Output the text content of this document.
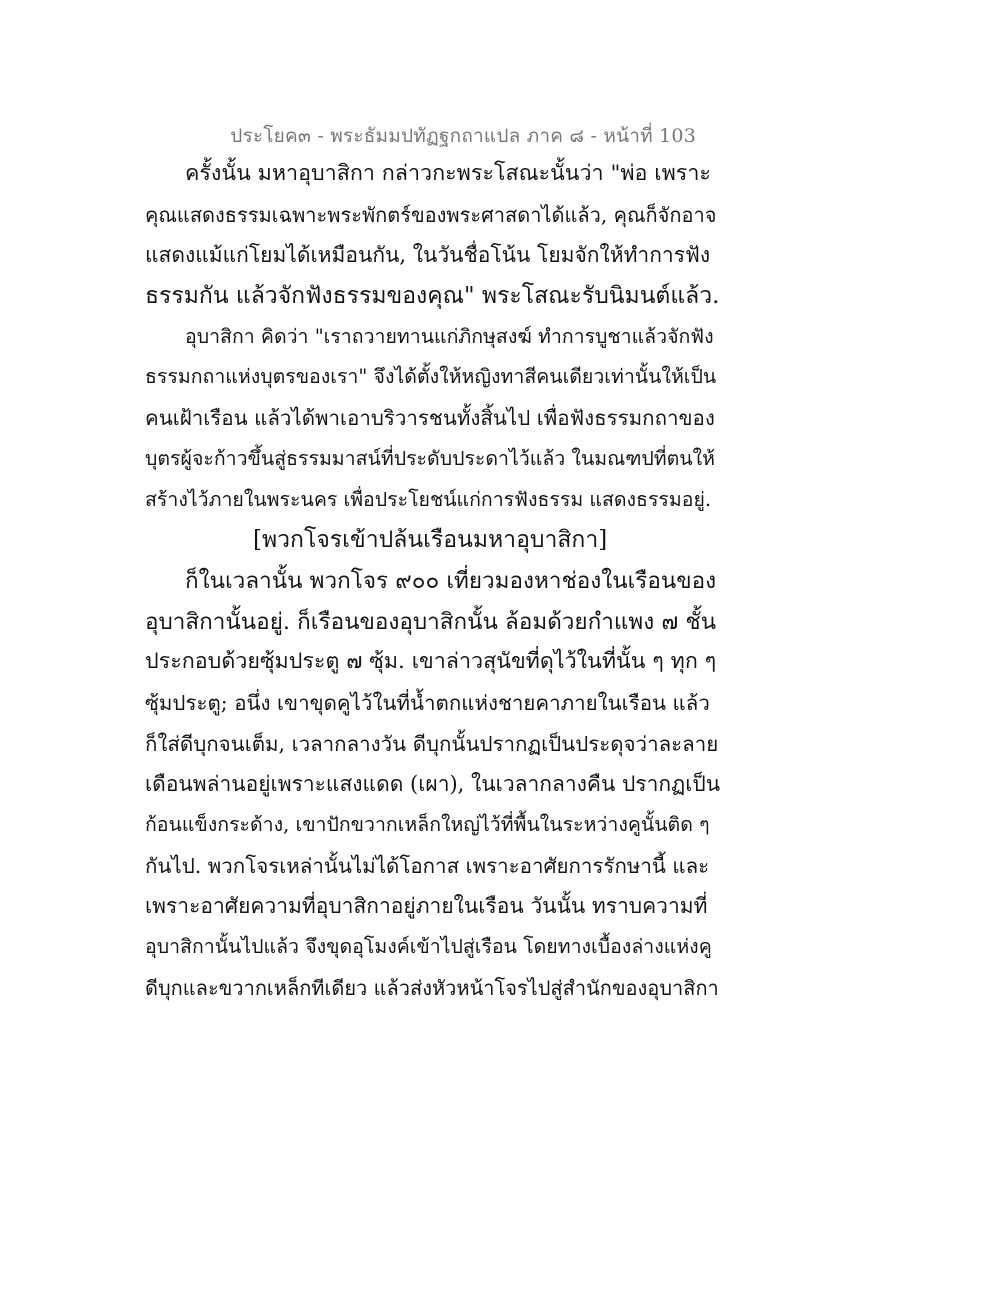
ประโยค๓ - พระธัมมปทัฏฐกถาแปล ภาค ๘ - หน้าที่ 103
ครั้งนั้น มหาอุบาสิกา กล่าวกะพระโสณะนั้นว่า "พ่อ เพราะ
คุณแสดงธรรมเฉพาะพระพักตร์ของพระศาสดาได้แล้ว, คุณก็จักอาจ
แสดงแม้แก่โยมได้เหมือนกัน, ในวันชื่อโน้น โยมจักให้ทำการฟัง
ธรรมกัน แล้วจักฟังธรรมของคุณ" พระโสณะรับนิมนต์แล้ว.
อุบาสิกา คิดว่า "เราถวายทานแก่ภิกษุสงฆ์ ทำการบูชาแล้วจักฟัง
ธรรมกถาแห่งบุตรของเรา" จึงได้ตั้งให้หญิงทาสีคนเดียวเท่านั้นให้เป็น
คนเฝ้าเรือน แล้วได้พาเอาบริวารชนทั้งสิ้นไป เพื่อฟังธรรมกถาของ
บุตรผู้จะก้าวขึ้นสู่ธรรมมาสน์ที่ประดับประดาไว้แล้ว ในมณฑปที่ตนให้
สร้างไว้ภายในพระนคร เพื่อประโยชน์แก่การฟังธรรม แสดงธรรมอยู่.
[พวกโจรเข้าปล้นเรือนมหาอุบาสิกา]
ก็ในเวลานั้น พวกโจร ๙๐๐ เที่ยวมองหาช่องในเรือนของ
อุบาสิกานั้นอยู่. ก็เรือนของอุบาสิกนั้น ล้อมด้วยกำแพง ๗ ชั้น
ประกอบด้วยซุ้มประตู ๗ ซุ้ม. เขาล่าวสุนัขที่ดุไว้ในที่นั้น ๆ ทุก ๆ
ซุ้มประตู; อนึ่ง เขาขุดคูไว้ในที่น้ำตกแห่งชายคาภายในเรือน แล้ว
ก็ใส่ดีบุกจนเต็ม, เวลากลางวัน ดีบุกนั้นปรากฏเป็นประดุจว่าละลาย
เดือนพล่านอยู่เพราะแสงแดด (เผา), ในเวลากลางคืน ปรากฏเป็น
ก้อนแข็งกระด้าง, เขาปักขวากเหล็กใหญ่ไว้ที่พื้นในระหว่างคูนั้นติด ๆ
กันไป. พวกโจรเหล่านั้นไม่ได้โอกาส เพราะอาศัยการรักษานี้ และ
เพราะอาศัยความที่อุบาสิกาอยู่ภายในเรือน วันนั้น ทราบความที่
อุบาสิกานั้นไปแล้ว จึงขุดอุโมงค์เข้าไปสู่เรือน โดยทางเบื้องล่างแห่งคู
ดีบุกและขวากเหล็กทีเดียว แล้วส่งหัวหน้าโจรไปสู่สำนักของอุบาสิกา
